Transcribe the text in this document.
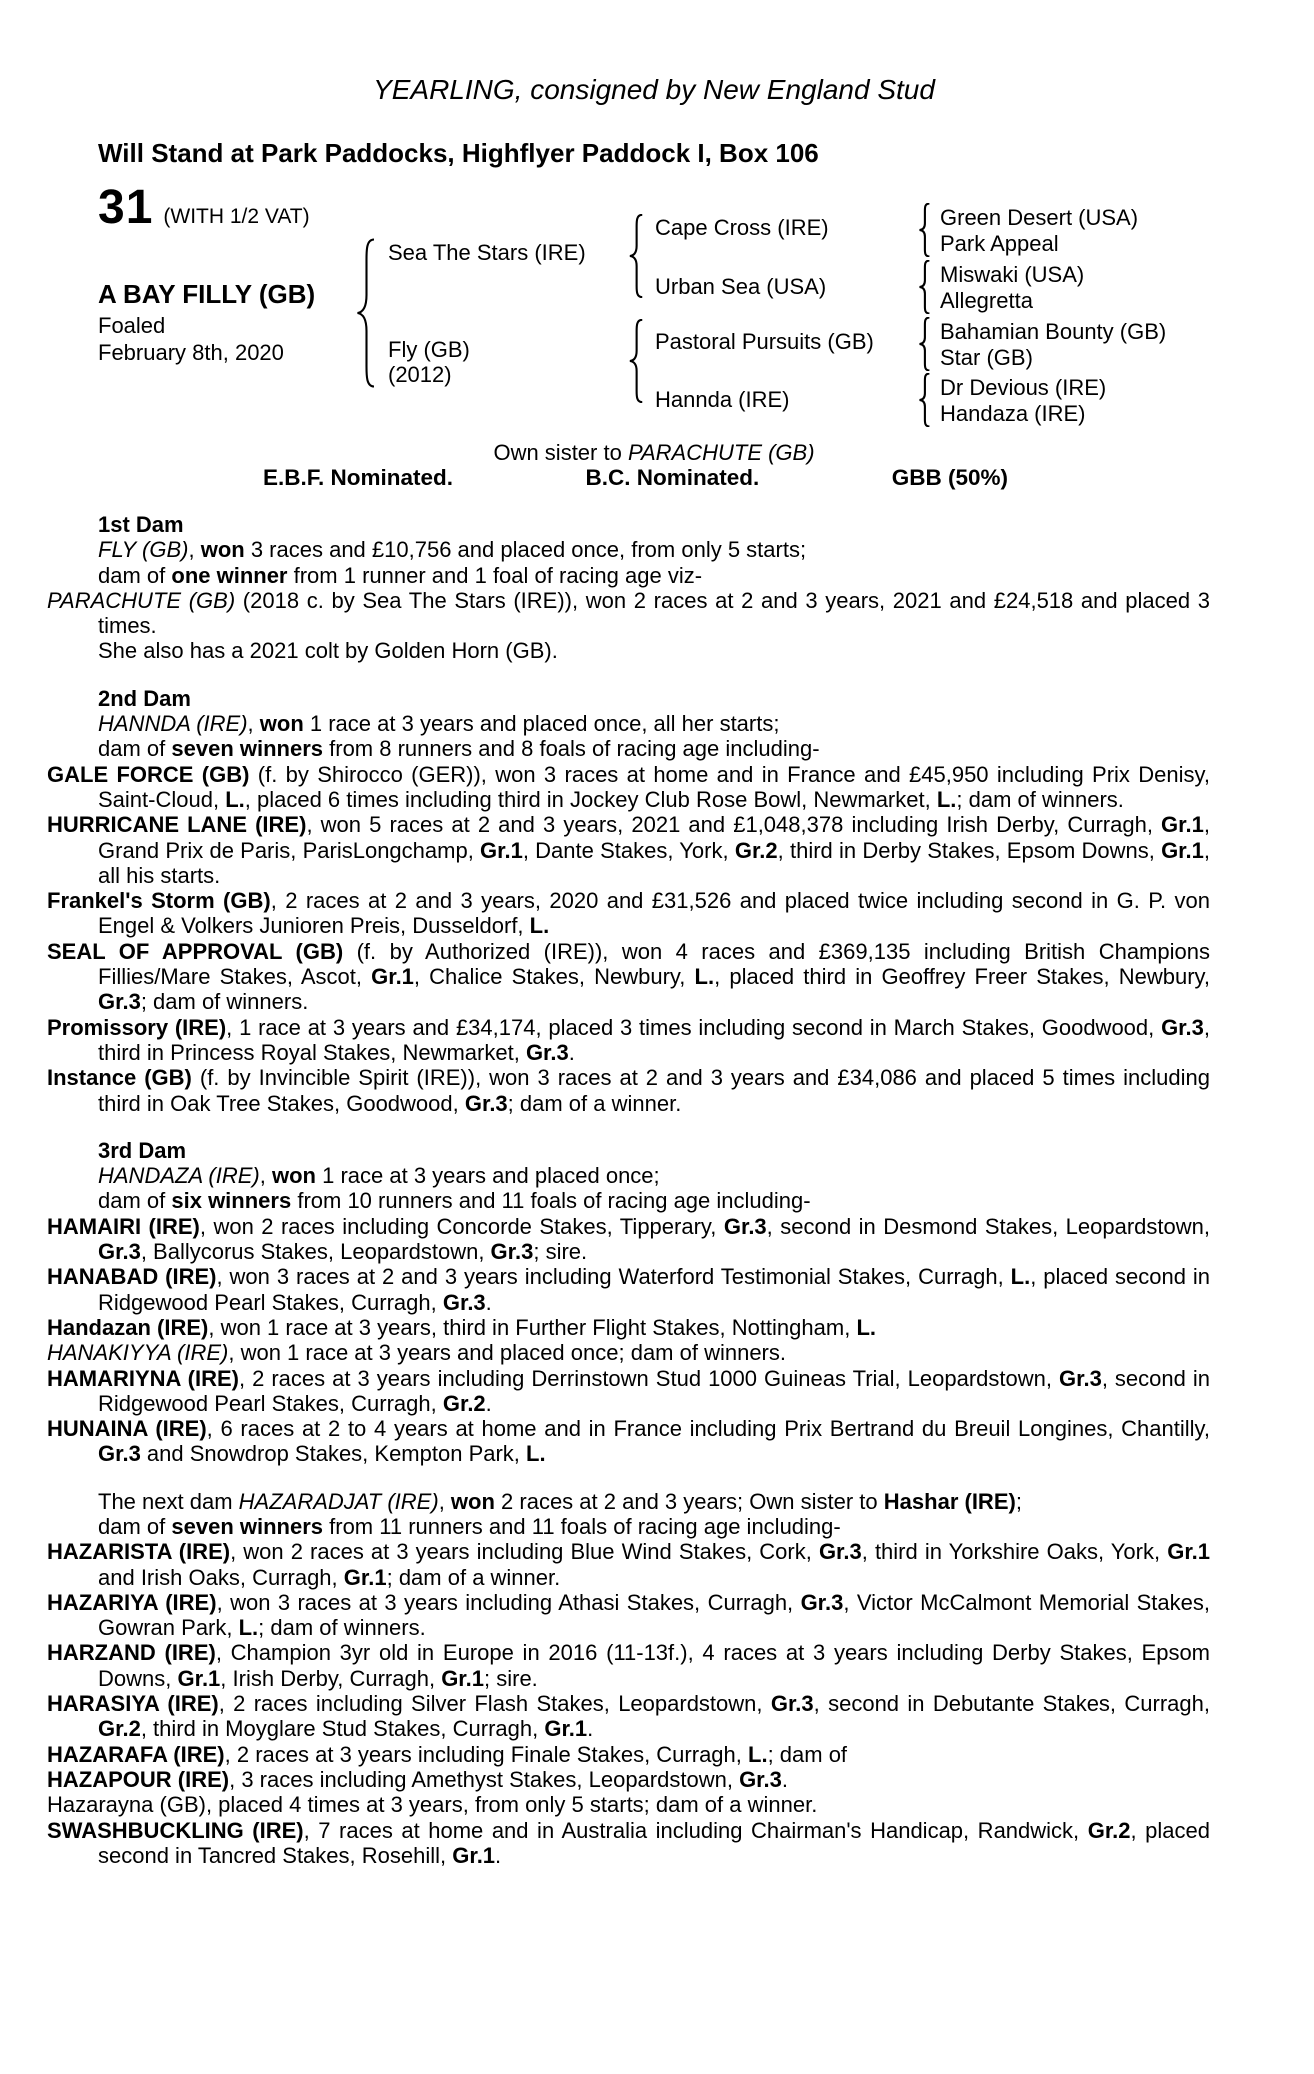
YEARLING, consigned by New England Stud
Will Stand at Park Paddocks, Highflyer Paddock I, Box 106
31 (WITH 1/2 VAT)
A BAY FILLY (GB)
Foaled
February 8th, 2020
Sea The Stars (IRE)
Fly (GB)
(2012)
Cape Cross (IRE)
Urban Sea (USA)
Pastoral Pursuits (GB)
Hannda (IRE)
Green Desert (USA)
Park Appeal
Miswaki (USA)
Allegretta
Bahamian Bounty (GB)
Star (GB)
Dr Devious (IRE)
Handaza (IRE)
Own sister to PARACHUTE (GB)
E.B.F. Nominated.	B.C. Nominated.	GBB (50%)
1st Dam

FLY (GB), won 3 races and £10,756 and placed once, from only 5 starts;

dam of one winner from 1 runner and 1 foal of racing age viz-

PARACHUTE (GB) (2018 c. by Sea The Stars (IRE)), won 2 races at 2 and 3 years, 2021 and £24,518 and placed 3 times.

She also has a 2021 colt by Golden Horn (GB).

2nd Dam

HANNDA (IRE), won 1 race at 3 years and placed once, all her starts;

dam of seven winners from 8 runners and 8 foals of racing age including-

GALE FORCE (GB) (f. by Shirocco (GER)), won 3 races at home and in France and £45,950 including Prix Denisy, Saint-Cloud, L., placed 6 times including third in Jockey Club Rose Bowl, Newmarket, L.; dam of winners.

HURRICANE LANE (IRE), won 5 races at 2 and 3 years, 2021 and £1,048,378 including Irish Derby, Curragh, Gr.1, Grand Prix de Paris, ParisLongchamp, Gr.1, Dante Stakes, York, Gr.2, third in Derby Stakes, Epsom Downs, Gr.1, all his starts.

Frankel's Storm (GB), 2 races at 2 and 3 years, 2020 and £31,526 and placed twice including second in G. P. von Engel & Volkers Junioren Preis, Dusseldorf, L.

SEAL OF APPROVAL (GB) (f. by Authorized (IRE)), won 4 races and £369,135 including British Champions Fillies/Mare Stakes, Ascot, Gr.1, Chalice Stakes, Newbury, L., placed third in Geoffrey Freer Stakes, Newbury, Gr.3; dam of winners.

Promissory (IRE), 1 race at 3 years and £34,174, placed 3 times including second in March Stakes, Goodwood, Gr.3, third in Princess Royal Stakes, Newmarket, Gr.3.

Instance (GB) (f. by Invincible Spirit (IRE)), won 3 races at 2 and 3 years and £34,086 and placed 5 times including third in Oak Tree Stakes, Goodwood, Gr.3; dam of a winner.

3rd Dam

HANDAZA (IRE), won 1 race at 3 years and placed once;

dam of six winners from 10 runners and 11 foals of racing age including-

HAMAIRI (IRE), won 2 races including Concorde Stakes, Tipperary, Gr.3, second in Desmond Stakes, Leopardstown, Gr.3, Ballycorus Stakes, Leopardstown, Gr.3; sire.

HANABAD (IRE), won 3 races at 2 and 3 years including Waterford Testimonial Stakes, Curragh, L., placed second in Ridgewood Pearl Stakes, Curragh, Gr.3.

Handazan (IRE), won 1 race at 3 years, third in Further Flight Stakes, Nottingham, L.

HANAKIYYA (IRE), won 1 race at 3 years and placed once; dam of winners.

HAMARIYNA (IRE), 2 races at 3 years including Derrinstown Stud 1000 Guineas Trial, Leopardstown, Gr.3, second in Ridgewood Pearl Stakes, Curragh, Gr.2.

HUNAINA (IRE), 6 races at 2 to 4 years at home and in France including Prix Bertrand du Breuil Longines, Chantilly, Gr.3 and Snowdrop Stakes, Kempton Park, L.

The next dam HAZARADJAT (IRE), won 2 races at 2 and 3 years; Own sister to Hashar (IRE);

dam of seven winners from 11 runners and 11 foals of racing age including-

HAZARISTA (IRE), won 2 races at 3 years including Blue Wind Stakes, Cork, Gr.3, third in Yorkshire Oaks, York, Gr.1 and Irish Oaks, Curragh, Gr.1; dam of a winner.

HAZARIYA (IRE), won 3 races at 3 years including Athasi Stakes, Curragh, Gr.3, Victor McCalmont Memorial Stakes, Gowran Park, L.; dam of winners.

HARZAND (IRE), Champion 3yr old in Europe in 2016 (11-13f.), 4 races at 3 years including Derby Stakes, Epsom Downs, Gr.1, Irish Derby, Curragh, Gr.1; sire.

HARASIYA (IRE), 2 races including Silver Flash Stakes, Leopardstown, Gr.3, second in Debutante Stakes, Curragh, Gr.2, third in Moyglare Stud Stakes, Curragh, Gr.1.

HAZARAFA (IRE), 2 races at 3 years including Finale Stakes, Curragh, L.; dam of

HAZAPOUR (IRE), 3 races including Amethyst Stakes, Leopardstown, Gr.3.

Hazarayna (GB), placed 4 times at 3 years, from only 5 starts; dam of a winner.

SWASHBUCKLING (IRE), 7 races at home and in Australia including Chairman's Handicap, Randwick, Gr.2, placed second in Tancred Stakes, Rosehill, Gr.1.
